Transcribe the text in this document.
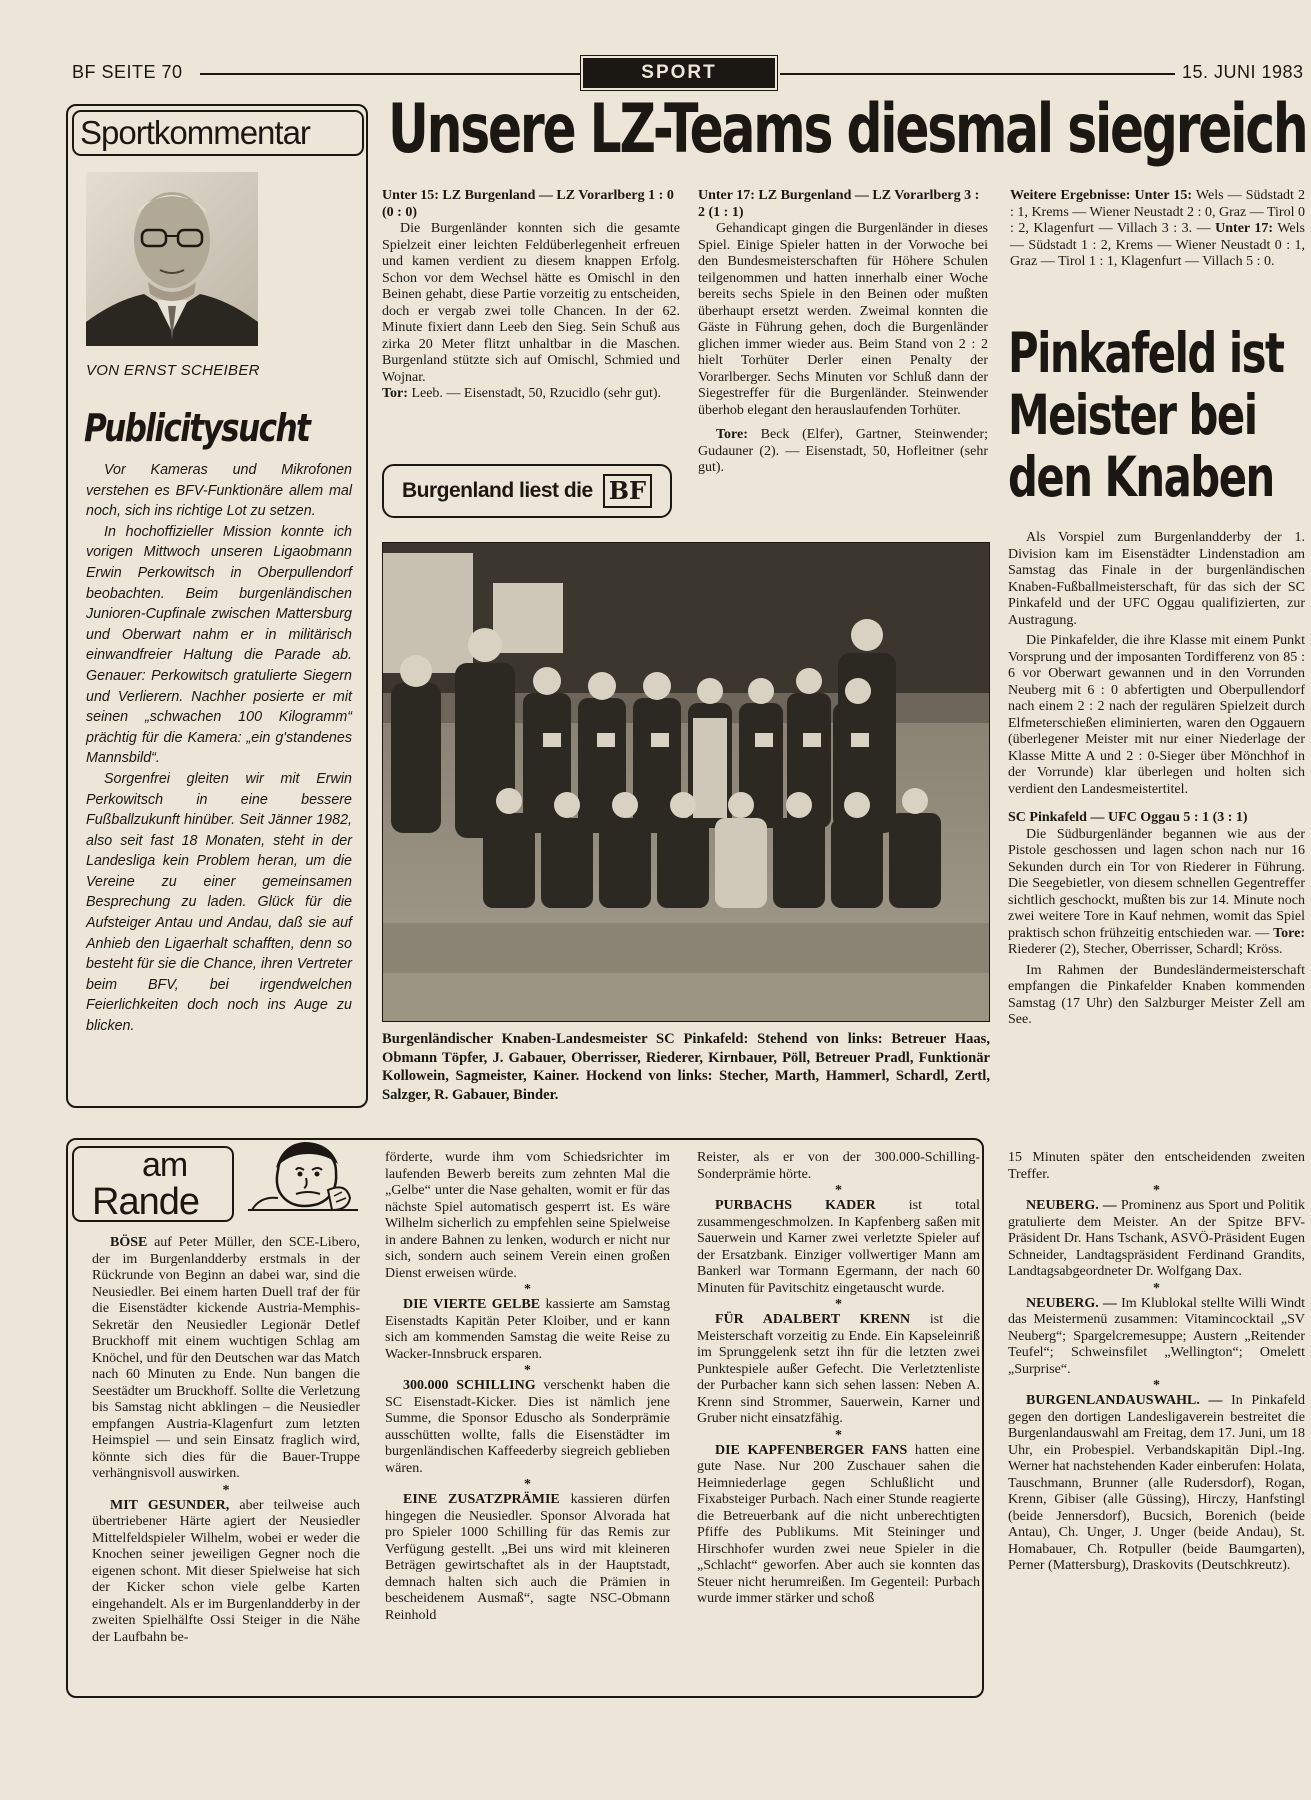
BF SEITE 70	SPORT	15. JUNI 1983
Sportkommentar
VON ERNST SCHEIBER
Publicitysucht

Vor Kameras und Mikrofonen verstehen es BFV-Funktionäre allem mal noch, sich ins richtige Lot zu setzen.

In hochoffizieller Mission konnte ich vorigen Mittwoch unseren Ligaobmann Erwin Perkowitsch in Oberpullendorf beobachten. Beim burgenländischen Junioren-Cupfinale zwischen Mattersburg und Oberwart nahm er in militärisch einwandfreier Haltung die Parade ab. Genauer: Perkowitsch gratulierte Siegern und Verlierern. Nachher posierte er mit seinen „schwachen 100 Kilogramm“ prächtig für die Kamera: „ein g'standenes Mannsbild“.

Sorgenfrei gleiten wir mit Erwin Perkowitsch in eine bessere Fußballzukunft hinüber. Seit Jänner 1982, also seit fast 18 Monaten, steht in der Landesliga kein Problem heran, um die Vereine zu einer gemeinsamen Besprechung zu laden. Glück für die Aufsteiger Antau und Andau, daß sie auf Anhieb den Ligaerhalt schafften, denn so besteht für sie die Chance, ihren Vertreter beim BFV, bei irgendwelchen Feierlichkeiten doch noch ins Auge zu blicken.

Unsere LZ-Teams diesmal siegreich

Unter 15: LZ Burgenland — LZ Vorarlberg 1 : 0 (0 : 0)

Die Burgenländer konnten sich die gesamte Spielzeit einer leichten Feldüberlegenheit erfreuen und kamen verdient zu diesem knappen Erfolg. Schon vor dem Wechsel hätte es Omischl in den Beinen gehabt, diese Partie vorzeitig zu entscheiden, doch er vergab zwei tolle Chancen. In der 62. Minute fixiert dann Leeb den Sieg. Sein Schuß aus zirka 20 Meter flitzt unhaltbar in die Maschen. Burgenland stützte sich auf Omischl, Schmied und Wojnar.

Tor: Leeb. — Eisenstadt, 50, Rzucidlo (sehr gut).

Unter 17: LZ Burgenland — LZ Vorarlberg 3 : 2 (1 : 1)

Gehandicapt gingen die Burgenländer in dieses Spiel. Einige Spieler hatten in der Vorwoche bei den Bundesmeisterschaften für Höhere Schulen teilgenommen und hatten innerhalb einer Woche bereits sechs Spiele in den Beinen oder mußten überhaupt ersetzt werden. Zweimal konnten die Gäste in Führung gehen, doch die Burgenländer glichen immer wieder aus. Beim Stand von 2 : 2 hielt Torhüter Derler einen Penalty der Vorarlberger. Sechs Minuten vor Schluß dann der Siegestreffer für die Burgenländer. Steinwender überhob elegant den herauslaufenden Torhüter.

Tore: Beck (Elfer), Gartner, Steinwender; Gudauner (2). — Eisenstadt, 50, Hofleitner (sehr gut).

Weitere Ergebnisse: Unter 15: Wels — Südstadt 2 : 1, Krems — Wiener Neustadt 2 : 0, Graz — Tirol 0 : 2, Klagenfurt — Villach 3 : 3. — Unter 17: Wels — Südstadt 1 : 2, Krems — Wiener Neustadt 0 : 1, Graz — Tirol 1 : 1, Klagenfurt — Villach 5 : 0.

Burgenland liest die BF

Burgenländischer Knaben-Landesmeister SC Pinkafeld: Stehend von links: Betreuer Haas, Obmann Töpfer, J. Gabauer, Oberrisser, Riederer, Kirnbauer, Pöll, Betreuer Pradl, Funktionär Kollowein, Sagmeister, Kainer. Hockend von links: Stecher, Marth, Hammerl, Schardl, Zertl, Salzger, R. Gabauer, Binder.

Pinkafeld ist
Meister bei
den Knaben

Als Vorspiel zum Burgenlandderby der 1. Division kam im Eisenstädter Lindenstadion am Samstag das Finale in der burgenländischen Knaben-Fußballmeisterschaft, für das sich der SC Pinkafeld und der UFC Oggau qualifizierten, zur Austragung.

Die Pinkafelder, die ihre Klasse mit einem Punkt Vorsprung und der imposanten Tordifferenz von 85 : 6 vor Oberwart gewannen und in den Vorrunden Neuberg mit 6 : 0 abfertigten und Oberpullendorf nach einem 2 : 2 nach der regulären Spielzeit durch Elfmeterschießen eliminierten, waren den Oggauern (überlegener Meister mit nur einer Niederlage der Klasse Mitte A und 2 : 0-Sieger über Mönchhof in der Vorrunde) klar überlegen und holten sich verdient den Landesmeistertitel.

SC Pinkafeld — UFC Oggau 5 : 1 (3 : 1)

Die Südburgenländer begannen wie aus der Pistole geschossen und lagen schon nach nur 16 Sekunden durch ein Tor von Riederer in Führung. Die Seegebietler, von diesem schnellen Gegentreffer sichtlich geschockt, mußten bis zur 14. Minute noch zwei weitere Tore in Kauf nehmen, womit das Spiel praktisch schon frühzeitig entschieden war. — Tore: Riederer (2), Stecher, Oberrisser, Schardl; Kröss.

Im Rahmen der Bundesländermeisterschaft empfangen die Pinkafelder Knaben kommenden Samstag (17 Uhr) den Salzburger Meister Zell am See.

am
Rande

BÖSE auf Peter Müller, den SCE-Libero, der im Burgenlandderby erstmals in der Rückrunde von Beginn an dabei war, sind die Neusiedler. Bei einem harten Duell traf der für die Eisenstädter kickende Austria-Memphis-Sekretär den Neusiedler Legionär Detlef Bruckhoff mit einem wuchtigen Schlag am Knöchel, und für den Deutschen war das Match nach 60 Minuten zu Ende. Nun bangen die Seestädter um Bruckhoff. Sollte die Verletzung bis Samstag nicht abklingen – die Neusiedler empfangen Austria-Klagenfurt zum letzten Heimspiel — und sein Einsatz fraglich wird, könnte sich dies für die Bauer-Truppe verhängnisvoll auswirken.

*

MIT GESUNDER, aber teilweise auch übertriebener Härte agiert der Neusiedler Mittelfeldspieler Wilhelm, wobei er weder die Knochen seiner jeweiligen Gegner noch die eigenen schont. Mit dieser Spielweise hat sich der Kicker schon viele gelbe Karten eingehandelt. Als er im Burgenlandderby in der zweiten Spielhälfte Ossi Steiger in die Nähe der Laufbahn be-

förderte, wurde ihm vom Schiedsrichter im laufenden Bewerb bereits zum zehnten Mal die „Gelbe“ unter die Nase gehalten, womit er für das nächste Spiel automatisch gesperrt ist. Es wäre Wilhelm sicherlich zu empfehlen seine Spielweise in andere Bahnen zu lenken, wodurch er nicht nur sich, sondern auch seinem Verein einen großen Dienst erweisen würde.

*

DIE VIERTE GELBE kassierte am Samstag Eisenstadts Kapitän Peter Kloiber, und er kann sich am kommenden Samstag die weite Reise zu Wacker-Innsbruck ersparen.

*

300.000 SCHILLING verschenkt haben die SC Eisenstadt-Kicker. Dies ist nämlich jene Summe, die Sponsor Eduscho als Sonderprämie ausschütten wollte, falls die Eisenstädter im burgenländischen Kaffeederby siegreich geblieben wären.

*

EINE ZUSATZPRÄMIE kassieren dürfen hingegen die Neusiedler. Sponsor Alvorada hat pro Spieler 1000 Schilling für das Remis zur Verfügung gestellt. „Bei uns wird mit kleineren Beträgen gewirtschaftet als in der Hauptstadt, demnach halten sich auch die Prämien in bescheidenem Ausmaß“, sagte NSC-Obmann Reinhold

Reister, als er von der 300.000-Schilling-Sonderprämie hörte.

*

PURBACHS KADER ist total zusammengeschmolzen. In Kapfenberg saßen mit Sauerwein und Karner zwei verletzte Spieler auf der Ersatzbank. Einziger vollwertiger Mann am Bankerl war Tormann Egermann, der nach 60 Minuten für Pavitschitz eingetauscht wurde.

*

FÜR ADALBERT KRENN ist die Meisterschaft vorzeitig zu Ende. Ein Kapseleinriß im Sprunggelenk setzt ihn für die letzten zwei Punktespiele außer Gefecht. Die Verletztenliste der Purbacher kann sich sehen lassen: Neben A. Krenn sind Strommer, Sauerwein, Karner und Gruber nicht einsatzfähig.

*

DIE KAPFENBERGER FANS hatten eine gute Nase. Nur 200 Zuschauer sahen die Heimniederlage gegen Schlußlicht und Fixabsteiger Purbach. Nach einer Stunde reagierte die Betreuerbank auf die nicht unberechtigten Pfiffe des Publikums. Mit Steininger und Hirschhofer wurden zwei neue Spieler in die „Schlacht“ geworfen. Aber auch sie konnten das Steuer nicht herumreißen. Im Gegenteil: Purbach wurde immer stärker und schoß

15 Minuten später den entscheidenden zweiten Treffer.

*

NEUBERG. — Prominenz aus Sport und Politik gratulierte dem Meister. An der Spitze BFV-Präsident Dr. Hans Tschank, ASVÖ-Präsident Eugen Schneider, Landtagspräsident Ferdinand Grandits, Landtagsabgeordneter Dr. Wolfgang Dax.

*

NEUBERG. — Im Klublokal stellte Willi Windt das Meistermenü zusammen: Vitamincocktail „SV Neuberg“; Spargelcremesuppe; Austern „Reitender Teufel“; Schweinsfilet „Wellington“; Omelett „Surprise“.

*

BURGENLANDAUSWAHL. — In Pinkafeld gegen den dortigen Landesligaverein bestreitet die Burgenlandauswahl am Freitag, dem 17. Juni, um 18 Uhr, ein Probespiel. Verbandskapitän Dipl.-Ing. Werner hat nachstehenden Kader einberufen: Holata, Tauschmann, Brunner (alle Rudersdorf), Rogan, Krenn, Gibiser (alle Güssing), Hirczy, Hanfstingl (beide Jennersdorf), Bucsich, Borenich (beide Antau), Ch. Unger, J. Unger (beide Andau), St. Homabauer, Ch. Rotpuller (beide Baumgarten), Perner (Mattersburg), Draskovits (Deutschkreutz).
